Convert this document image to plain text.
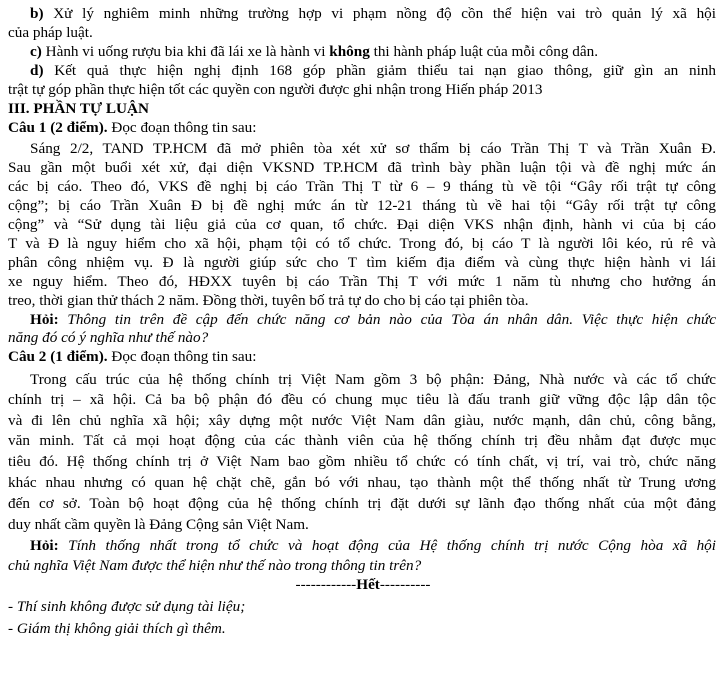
b) Xử lý nghiêm minh những trường hợp vi phạm nồng độ cồn thể hiện vai trò quản lý xã hội
của pháp luật.
c) Hành vi uống rượu bia khi đã lái xe là hành vi không thi hành pháp luật của mỗi công dân.
d) Kết quả thực hiện nghị định 168 góp phần giảm thiểu tai nạn giao thông, giữ gìn an ninh
trật tự góp phần thực hiện tốt các quyền con người được ghi nhận trong Hiến pháp 2013
III. PHẦN TỰ LUẬN
Câu 1 (2 điểm). Đọc đoạn thông tin sau:
Sáng 2/2, TAND TP.HCM đã mở phiên tòa xét xử sơ thẩm bị cáo Trần Thị T và Trần Xuân Đ.
Sau gần một buổi xét xử, đại diện VKSND TP.HCM đã trình bày phần luận tội và đề nghị mức án
các bị cáo. Theo đó, VKS đề nghị bị cáo Trần Thị T từ 6 – 9 tháng tù về tội “Gây rối trật tự công
cộng”; bị cáo Trần Xuân Đ bị đề nghị mức án từ 12-21 tháng tù về hai tội “Gây rối trật tự công
cộng” và “Sử dụng tài liệu giả của cơ quan, tổ chức. Đại diện VKS nhận định, hành vi của bị cáo
T và Đ là nguy hiểm cho xã hội, phạm tội có tổ chức. Trong đó, bị cáo T là người lôi kéo, rủ rê và
phân công nhiệm vụ. Đ là người giúp sức cho T tìm kiếm địa điểm và cùng thực hiện hành vi lái
xe nguy hiểm. Theo đó, HĐXX tuyên bị cáo Trần Thị T với mức 1 năm tù nhưng cho hưởng án
treo, thời gian thử thách 2 năm. Đồng thời, tuyên bố trả tự do cho bị cáo tại phiên tòa.
Hỏi: Thông tin trên đề cập đến chức năng cơ bản nào của Tòa án nhân dân. Việc thực hiện chức
năng đó có ý nghĩa như thế nào?
Câu 2 (1 điểm). Đọc đoạn thông tin sau:
Trong cấu trúc của hệ thống chính trị Việt Nam gồm 3 bộ phận: Đảng, Nhà nước và các tổ chức
chính trị – xã hội. Cả ba bộ phận đó đều có chung mục tiêu là đấu tranh giữ vững độc lập dân tộc
và đi lên chủ nghĩa xã hội; xây dựng một nước Việt Nam dân giàu, nước mạnh, dân chủ, công bằng,
văn minh. Tất cả mọi hoạt động của các thành viên của hệ thống chính trị đều nhằm đạt được mục
tiêu đó. Hệ thống chính trị ở Việt Nam bao gồm nhiều tổ chức có tính chất, vị trí, vai trò, chức năng
khác nhau nhưng có quan hệ chặt chẽ, gắn bó với nhau, tạo thành một thể thống nhất từ Trung ương
đến cơ sở. Toàn bộ hoạt động của hệ thống chính trị đặt dưới sự lãnh đạo thống nhất của một đảng
duy nhất cầm quyền là Đảng Cộng sản Việt Nam.
Hỏi: Tính thống nhất trong tổ chức và hoạt động của Hệ thống chính trị nước Cộng hòa xã hội
chủ nghĩa Việt Nam được thể hiện như thế nào trong thông tin trên?
------------Hết----------
- Thí sinh không được sử dụng tài liệu;
- Giám thị không giải thích gì thêm.
